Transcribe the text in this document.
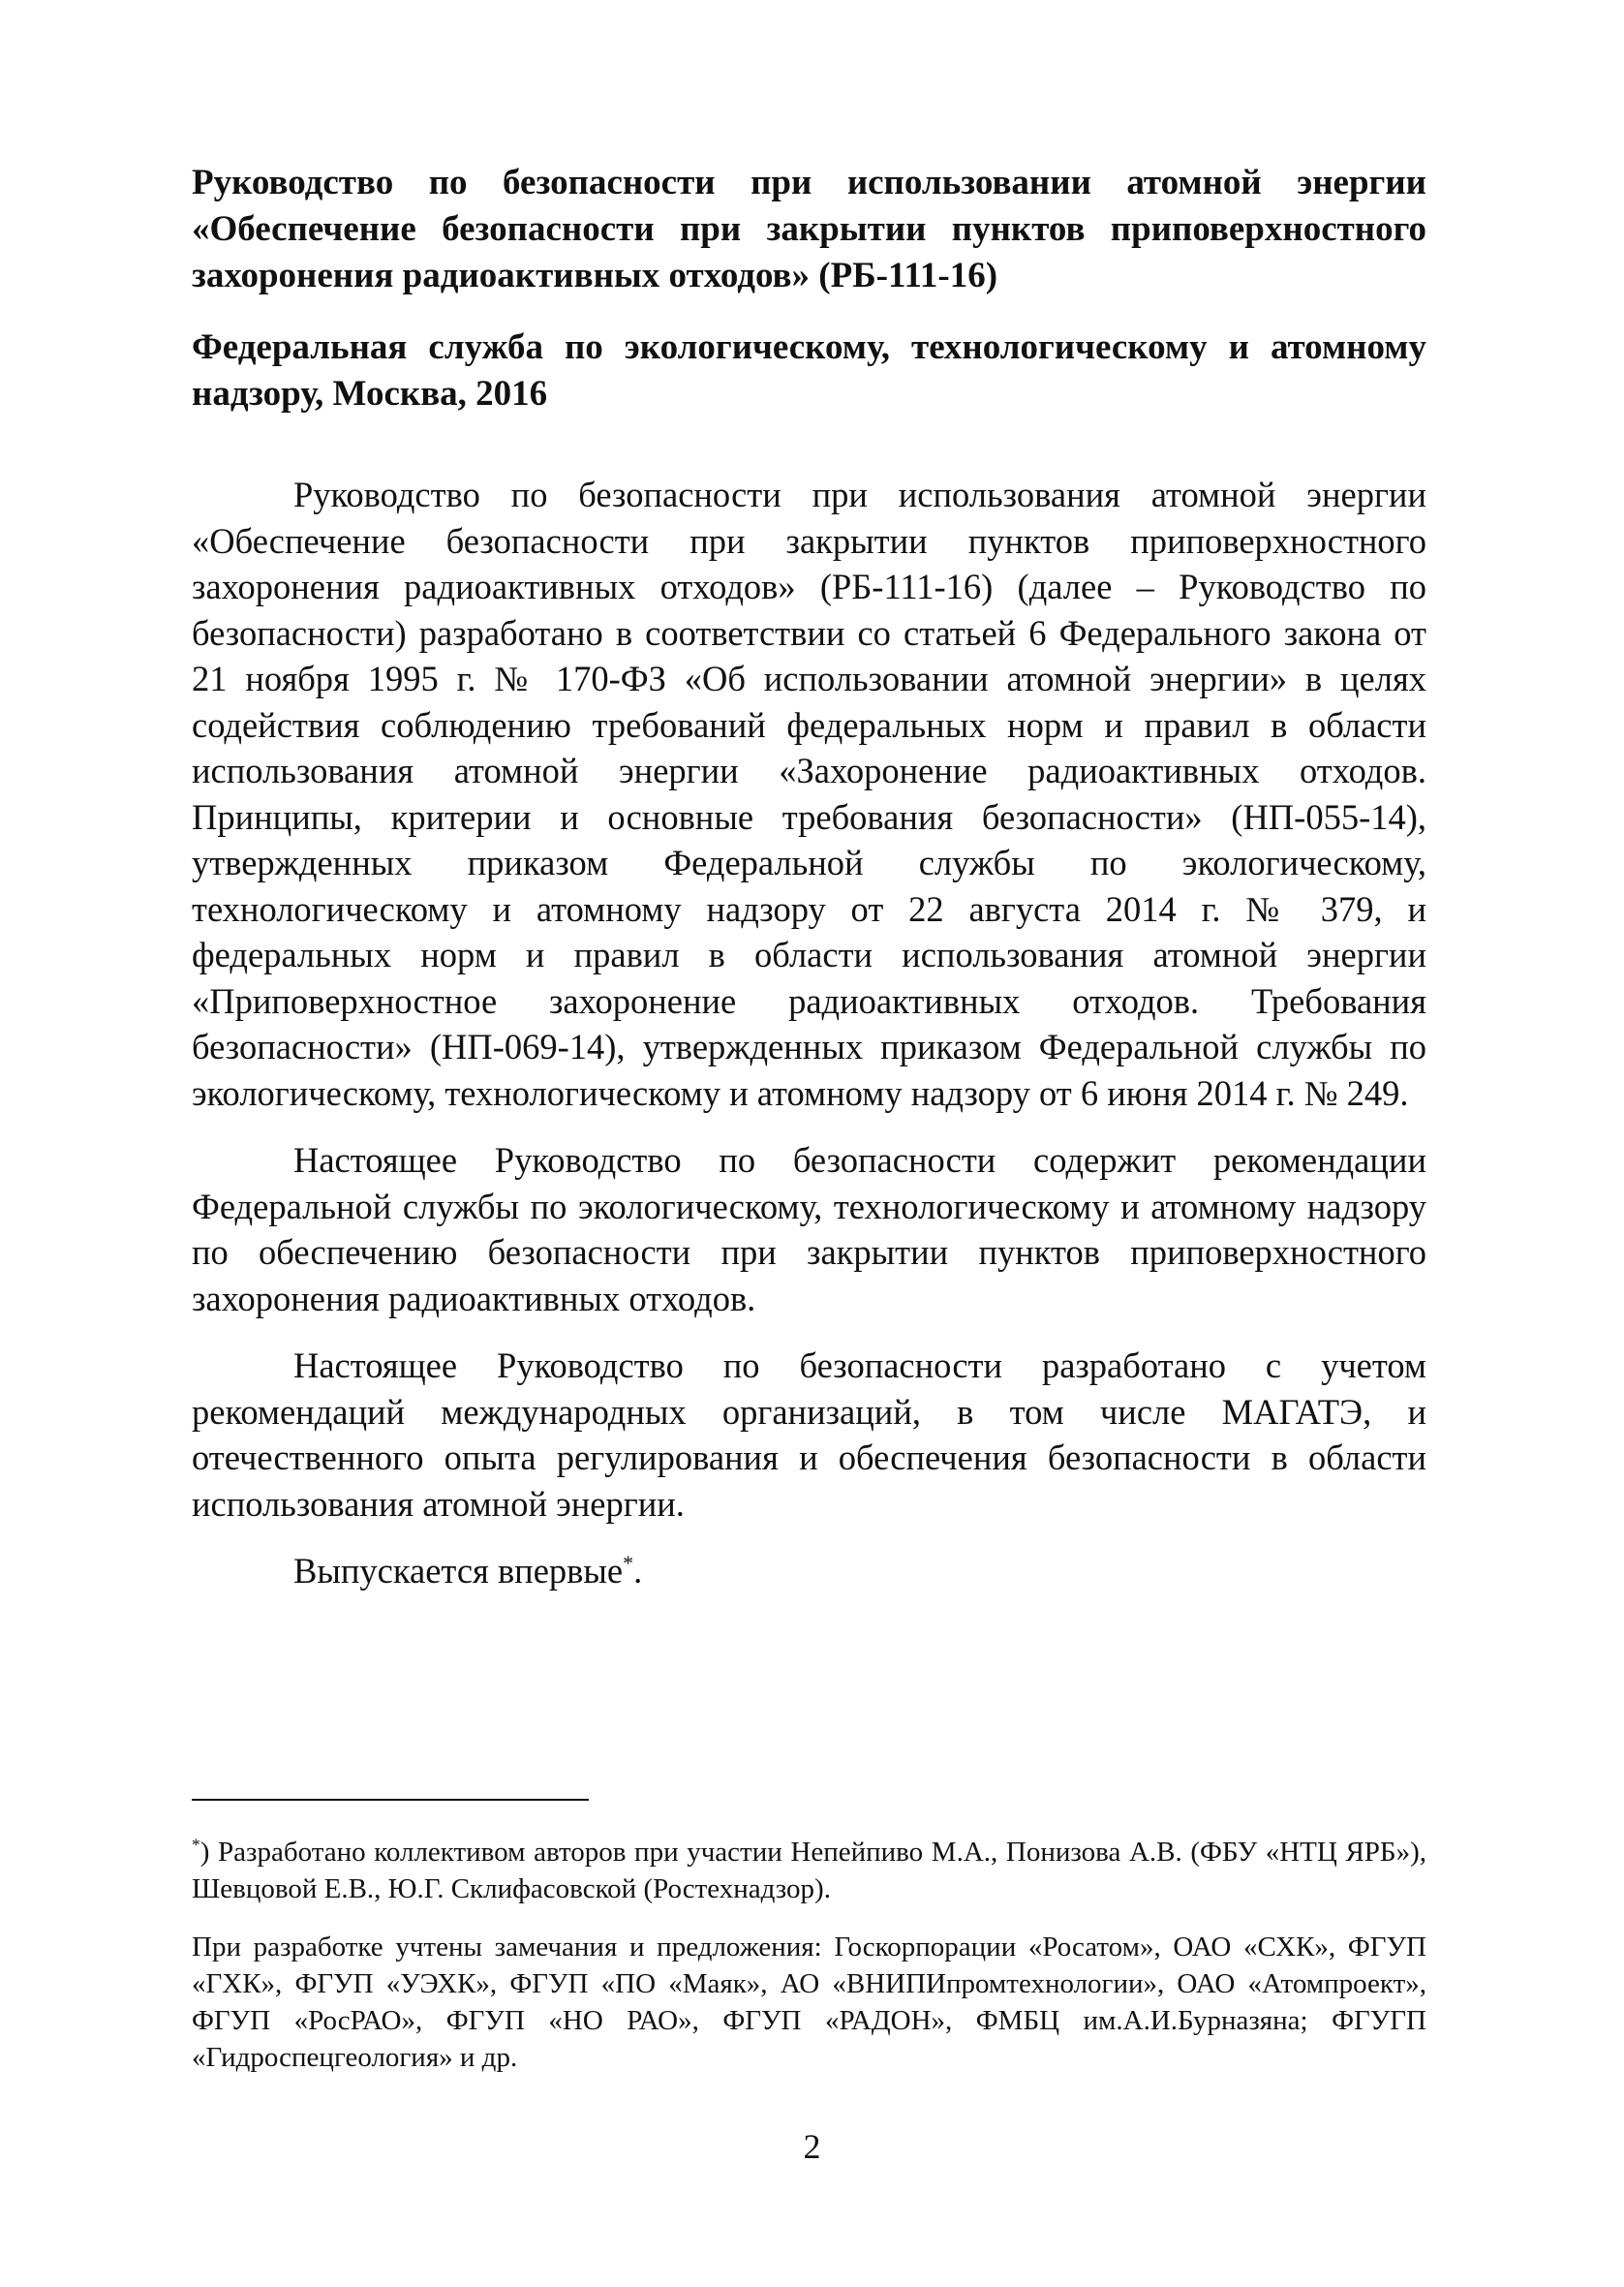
Руководство по безопасности при использовании атомной энергии «Обеспечение безопасности при закрытии пунктов приповерхностного захоронения радиоактивных отходов» (РБ-111-16)
Федеральная служба по экологическому, технологическому и атомному надзору, Москва, 2016

Руководство по безопасности при использования атомной энергии «Обеспечение безопасности при закрытии пунктов приповерхностного захоронения радиоактивных отходов» (РБ-111-16) (далее – Руководство по безопасности) разработано в соответствии со статьей 6 Федерального закона от 21 ноября 1995 г. № 170-ФЗ «Об использовании атомной энергии» в целях содействия соблюдению требований федеральных норм и правил в области использования атомной энергии «Захоронение радиоактивных отходов. Принципы, критерии и основные требования безопасности» (НП-055-14), утвержденных приказом Федеральной службы по экологическому, технологическому и атомному надзору от 22 августа 2014 г. № 379, и федеральных норм и правил в области использования атомной энергии «Приповерхностное захоронение радиоактивных отходов. Требования безопасности» (НП-069-14), утвержденных приказом Федеральной службы по экологическому, технологическому и атомному надзору от 6 июня 2014 г. № 249.

Настоящее Руководство по безопасности содержит рекомендации Федеральной службы по экологическому, технологическому и атомному надзору по обеспечению безопасности при закрытии пунктов приповерхностного захоронения радиоактивных отходов.

Настоящее Руководство по безопасности разработано с учетом рекомендаций международных организаций, в том числе МАГАТЭ, и отечественного опыта регулирования и обеспечения безопасности в области использования атомной энергии.

Выпускается впервые*.

*) Разработано коллективом авторов при участии Непейпиво М.А., Понизова А.В. (ФБУ «НТЦ ЯРБ»), Шевцовой Е.В., Ю.Г. Склифасовской (Ростехнадзор).

При разработке учтены замечания и предложения: Госкорпорации «Росатом», ОАО «СХК», ФГУП «ГХК», ФГУП «УЭХК», ФГУП «ПО «Маяк», АО «ВНИПИпромтехнологии», ОАО «Атомпроект», ФГУП «РосРАО», ФГУП «НО РАО», ФГУП «РАДОН», ФМБЦ им.А.И.Бурназяна; ФГУГП «Гидроспецгеология» и др.

2
